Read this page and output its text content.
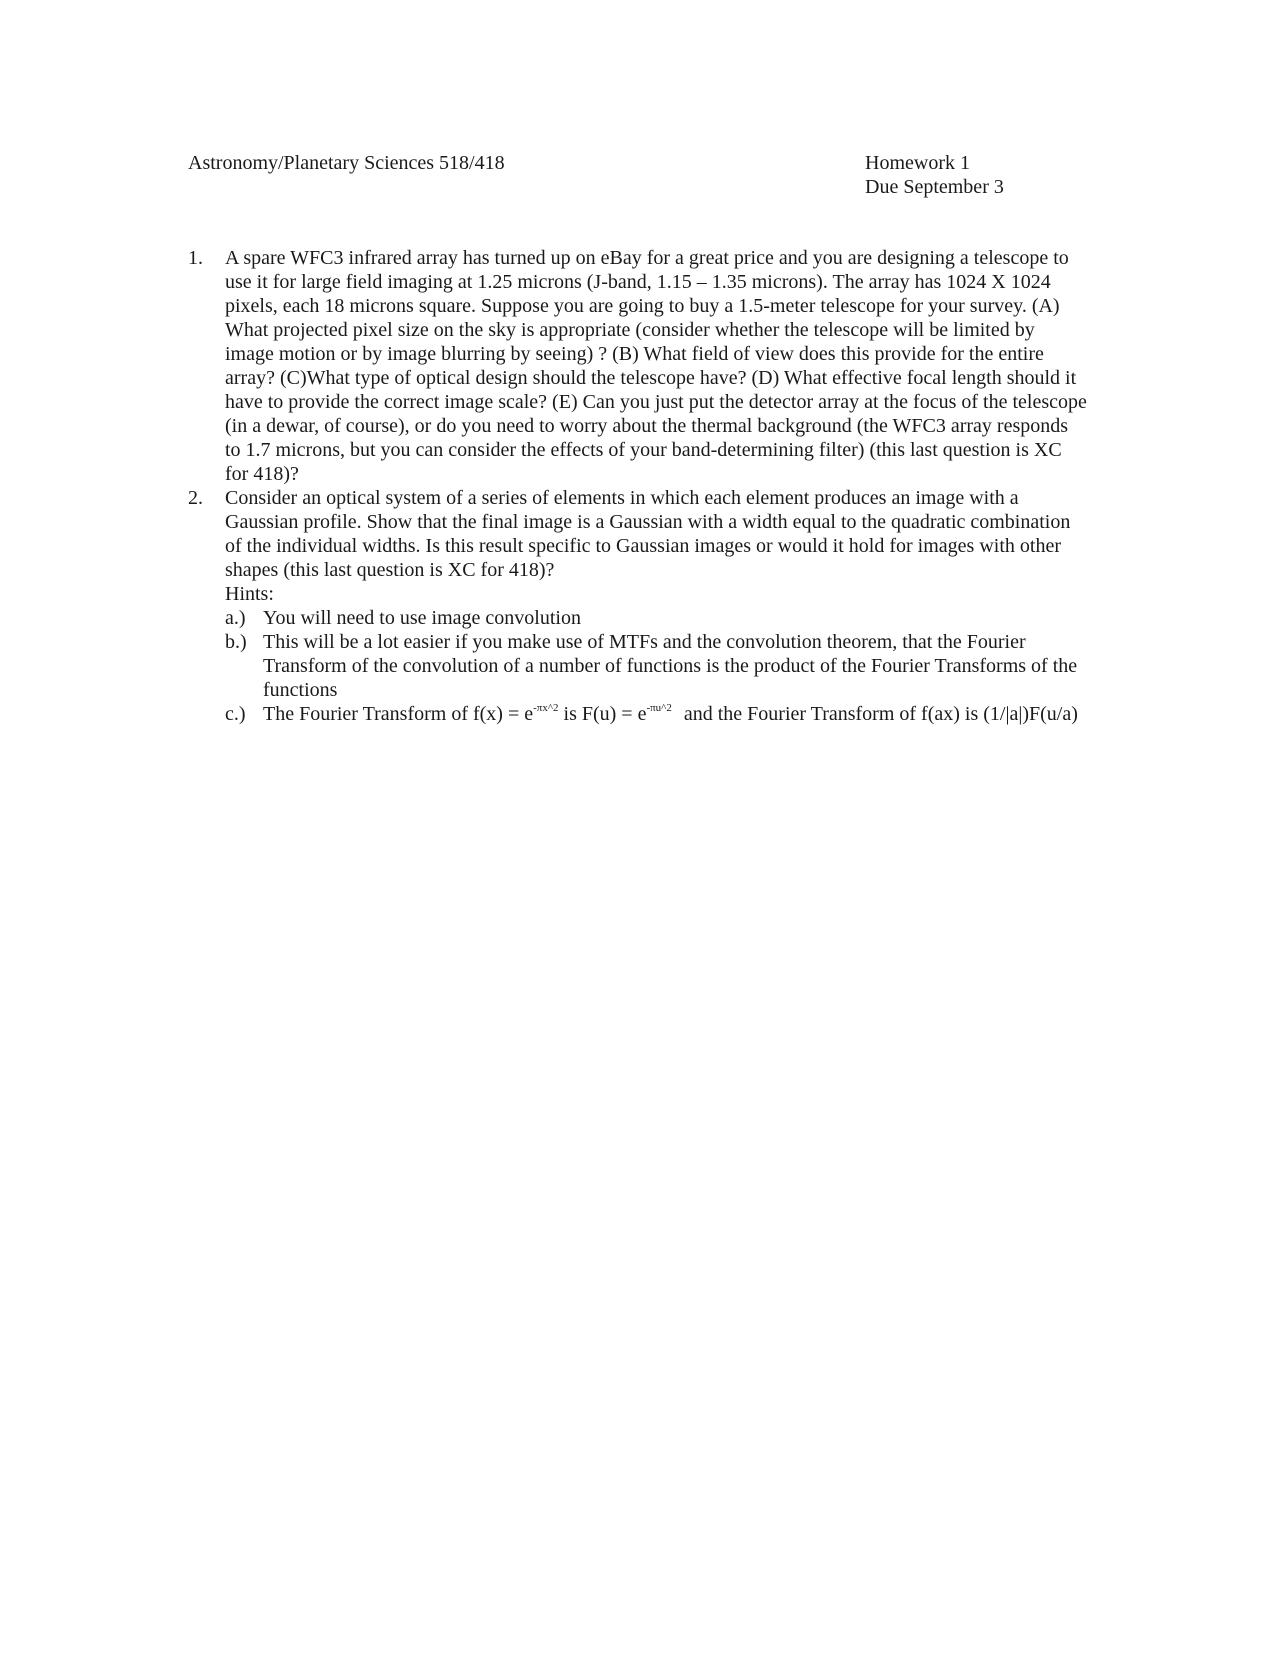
Astronomy/Planetary Sciences 518/418	Homework 1
Due September 3
1. A spare WFC3 infrared array has turned up on eBay for a great price and you are designing a telescope to use it for large field imaging at 1.25 microns (J-band, 1.15 – 1.35 microns). The array has 1024 X 1024 pixels, each 18 microns square. Suppose you are going to buy a 1.5-meter telescope for your survey. (A) What projected pixel size on the sky is appropriate (consider whether the telescope will be limited by image motion or by image blurring by seeing) ? (B) What field of view does this provide for the entire array? (C)What type of optical design should the telescope have? (D) What effective focal length should it have to provide the correct image scale? (E) Can you just put the detector array at the focus of the telescope (in a dewar, of course), or do you need to worry about the thermal background (the WFC3 array responds to 1.7 microns, but you can consider the effects of your band-determining filter) (this last question is XC for 418)?
2. Consider an optical system of a series of elements in which each element produces an image with a Gaussian profile. Show that the final image is a Gaussian with a width equal to the quadratic combination of the individual widths. Is this result specific to Gaussian images or would it hold for images with other shapes (this last question is XC for 418)?
Hints:
a.) You will need to use image convolution
b.) This will be a lot easier if you make use of MTFs and the convolution theorem, that the Fourier Transform of the convolution of a number of functions is the product of the Fourier Transforms of the functions
c.) The Fourier Transform of $f(x) = e^{-\pi x\^{}2}$ is $F(u) = e^{-\pi u\^{}2}$ and the Fourier Transform of f(ax) is (1/|a|)F(u/a)
